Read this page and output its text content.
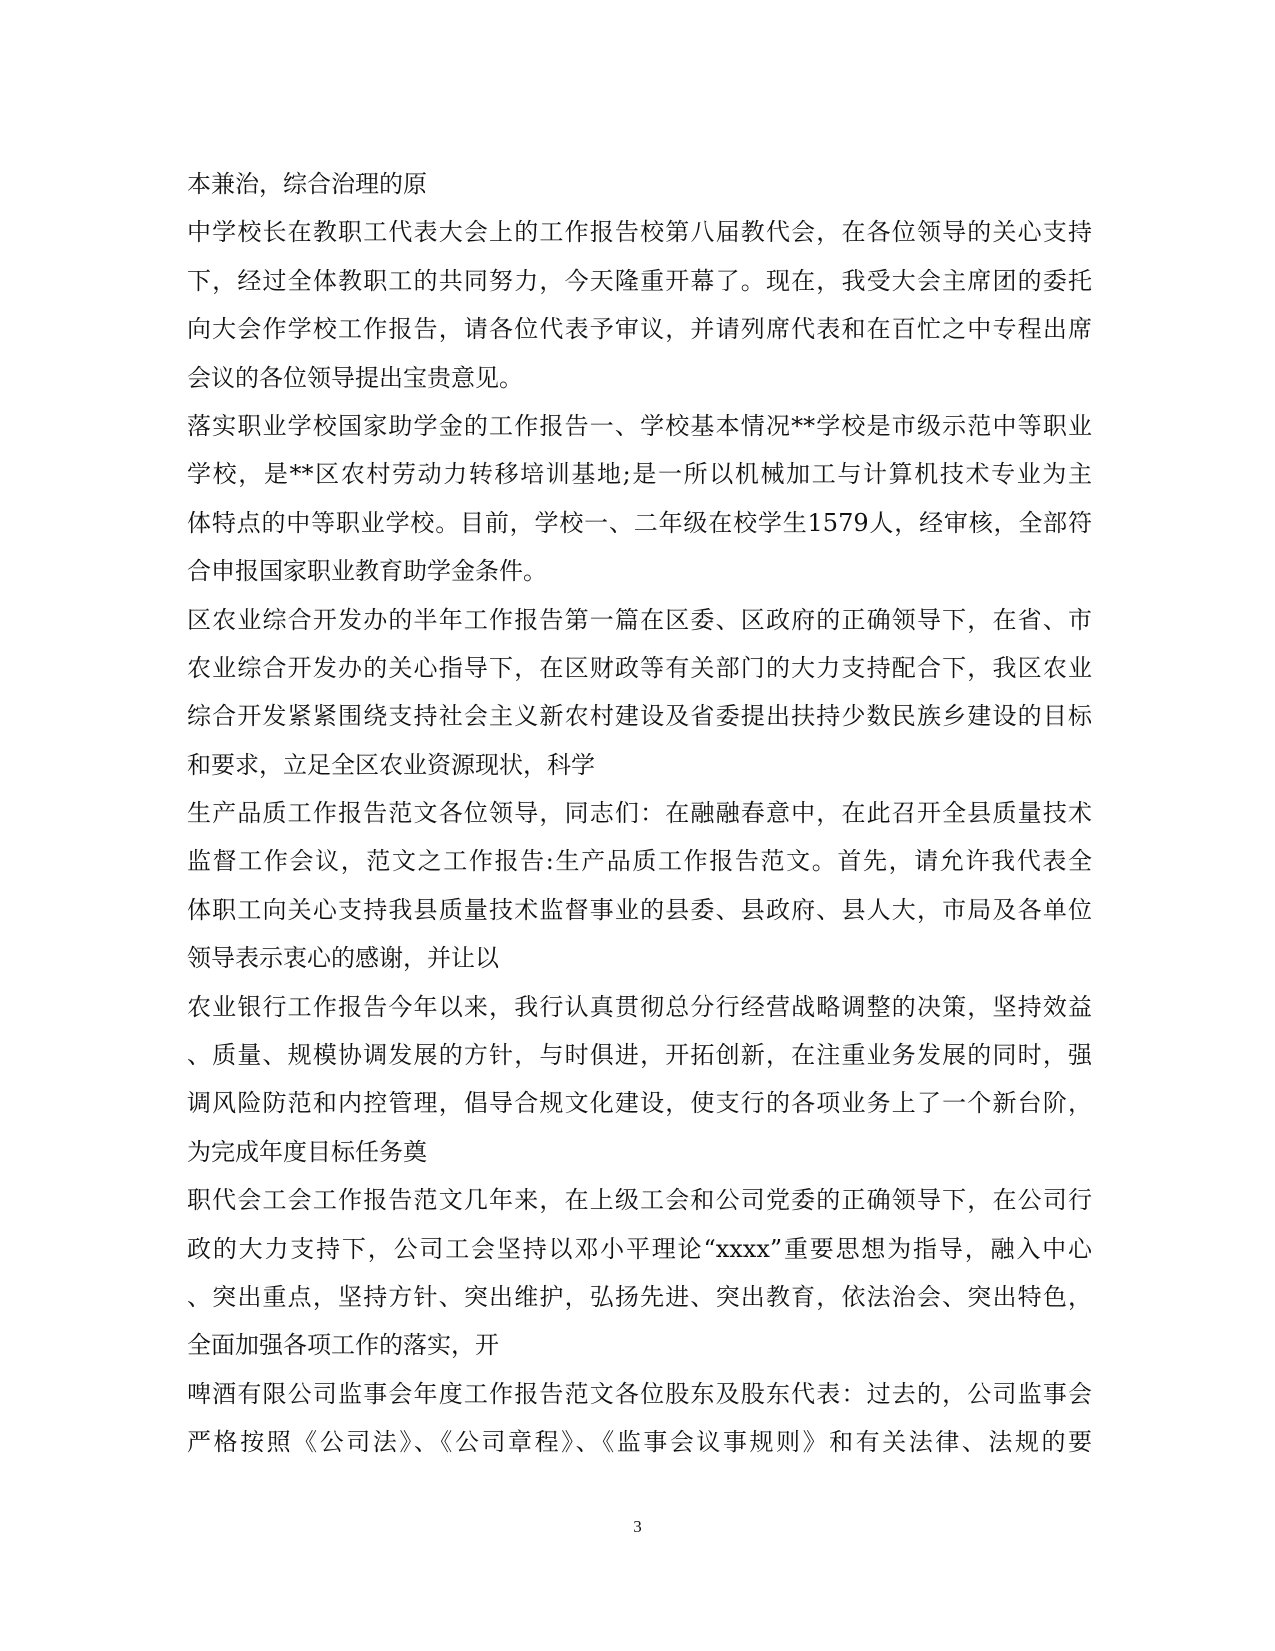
本兼治，综合治理的原
中学校长在教职工代表大会上的工作报告校第八届教代会，在各位领导的关心支持
下，经过全体教职工的共同努力，今天隆重开幕了。现在，我受大会主席团的委托
向大会作学校工作报告，请各位代表予审议，并请列席代表和在百忙之中专程出席
会议的各位领导提出宝贵意见。
落实职业学校国家助学金的工作报告一、学校基本情况**学校是市级示范中等职业
学校，是**区农村劳动力转移培训基地;是一所以机械加工与计算机技术专业为主
体特点的中等职业学校。目前，学校一、二年级在校学生1579人，经审核，全部符
合申报国家职业教育助学金条件。
区农业综合开发办的半年工作报告第一篇在区委、区政府的正确领导下，在省、市
农业综合开发办的关心指导下，在区财政等有关部门的大力支持配合下，我区农业
综合开发紧紧围绕支持社会主义新农村建设及省委提出扶持少数民族乡建设的目标
和要求，立足全区农业资源现状，科学
生产品质工作报告范文各位领导，同志们：在融融春意中，在此召开全县质量技术
监督工作会议，范文之工作报告:生产品质工作报告范文。首先，请允许我代表全
体职工向关心支持我县质量技术监督事业的县委、县政府、县人大，市局及各单位
领导表示衷心的感谢，并让以
农业银行工作报告今年以来，我行认真贯彻总分行经营战略调整的决策，坚持效益
、质量、规模协调发展的方针，与时俱进，开拓创新，在注重业务发展的同时，强
调风险防范和内控管理，倡导合规文化建设，使支行的各项业务上了一个新台阶，
为完成年度目标任务奠
职代会工会工作报告范文几年来，在上级工会和公司党委的正确领导下，在公司行
政的大力支持下，公司工会坚持以邓小平理论“xxxx”重要思想为指导，融入中心
、突出重点，坚持方针、突出维护，弘扬先进、突出教育，依法治会、突出特色，
全面加强各项工作的落实，开
啤酒有限公司监事会年度工作报告范文各位股东及股东代表：过去的，公司监事会
严格按照《公司法》、《公司章程》、《监事会议事规则》和有关法律、法规的要
3
